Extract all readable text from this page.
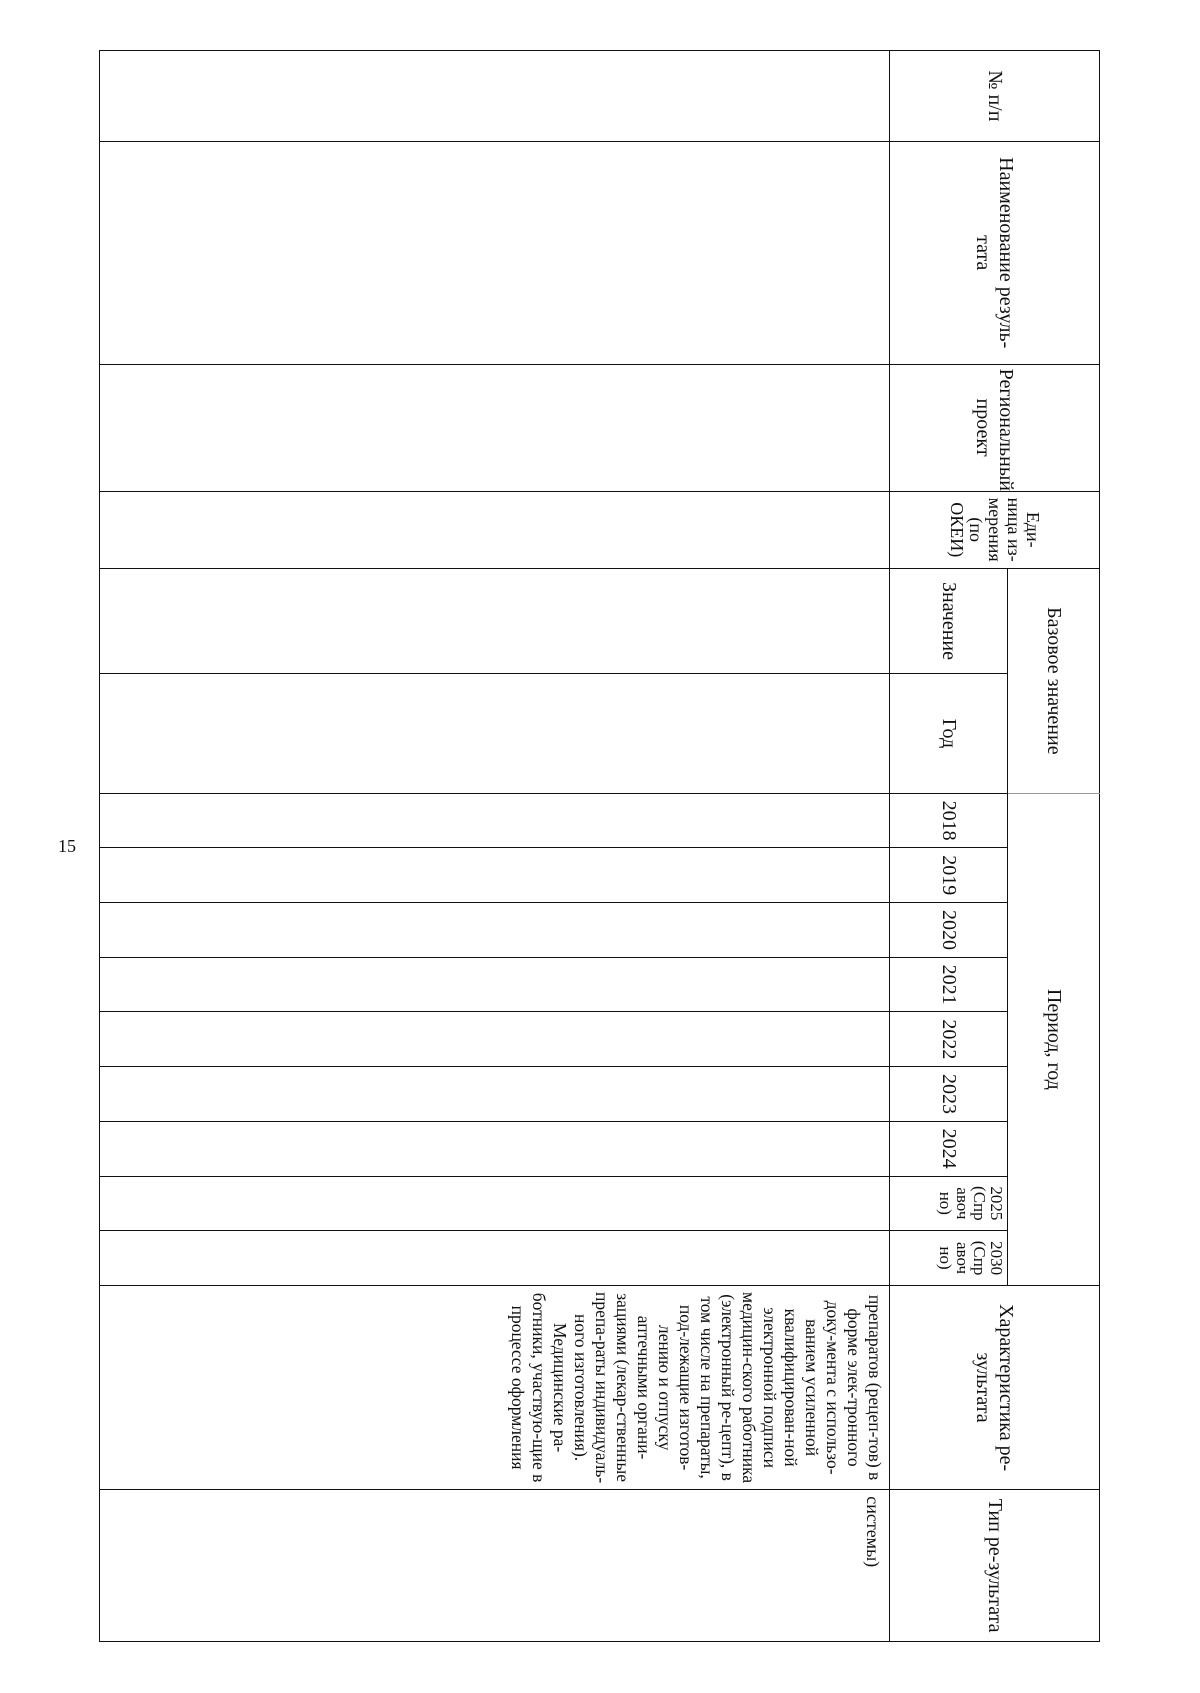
15
№ п/п	Наименование резуль-тата	Региональный проект	Еди-ница из-мерения (по ОКЕИ)	Базовое значение		Период, год									Характеристика ре-зультата	Тип ре-зультата
				Значение	Год	2018	2019	2020	2021	2022	2023	2024	2025 (Спр авоч но)	2030 (Спр авоч но)		

															препаратов (рецеп-тов) в форме элек-тронного доку-мента с использо-ванием усиленной квалифицирован-ной электронной подписи медицин-ского работника (электронный ре-цепт), в том числе на препараты, под-лежащие изготов-лению и отпуску аптечными органи-зациями (лекар-ственные препа-раты индивидуаль-ного изготовления). Медицинские ра-ботники, участвую-щие в процессе оформления	системы)
